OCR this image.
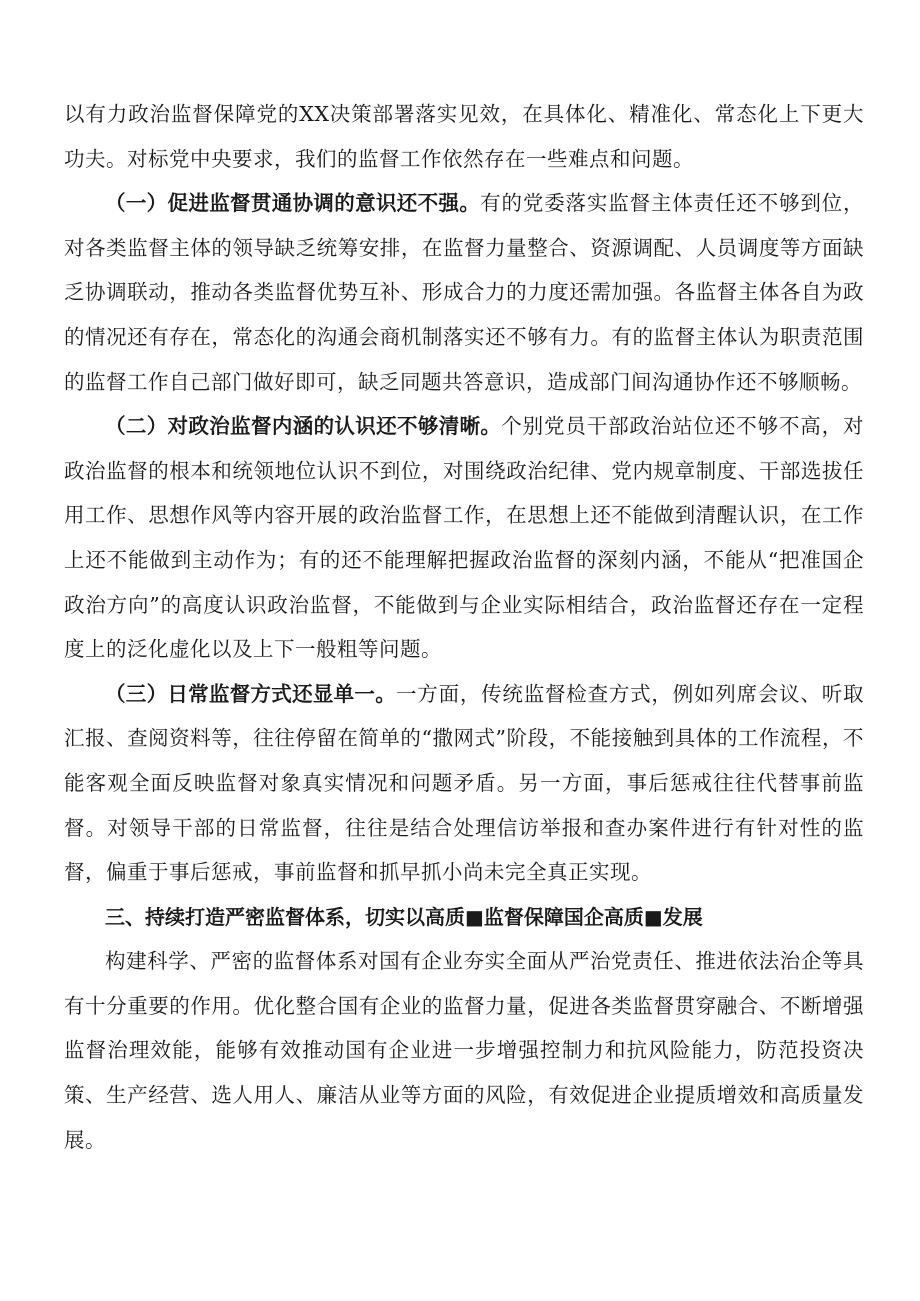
以有力政治监督保障党的XX决策部署落实见效，在具体化、精准化、常态化上下更大功夫。对标党中央要求，我们的监督工作依然存在一些难点和问题。

（一）促进监督贯通协调的意识还不强。有的党委落实监督主体责任还不够到位，对各类监督主体的领导缺乏统筹安排，在监督力量整合、资源调配、人员调度等方面缺乏协调联动，推动各类监督优势互补、形成合力的力度还需加强。各监督主体各自为政的情况还有存在，常态化的沟通会商机制落实还不够有力。有的监督主体认为职责范围的监督工作自己部门做好即可，缺乏同题共答意识，造成部门间沟通协作还不够顺畅。

（二）对政治监督内涵的认识还不够清晰。个别党员干部政治站位还不够不高，对政治监督的根本和统领地位认识不到位，对围绕政治纪律、党内规章制度、干部选拔任用工作、思想作风等内容开展的政治监督工作，在思想上还不能做到清醒认识，在工作上还不能做到主动作为；有的还不能理解把握政治监督的深刻内涵，不能从“把准国企政治方向”的高度认识政治监督，不能做到与企业实际相结合，政治监督还存在一定程度上的泛化虚化以及上下一般粗等问题。

（三）日常监督方式还显单一。一方面，传统监督检查方式，例如列席会议、听取汇报、查阅资料等，往往停留在简单的“撒网式”阶段，不能接触到具体的工作流程，不能客观全面反映监督对象真实情况和问题矛盾。另一方面，事后惩戒往往代替事前监督。对领导干部的日常监督，往往是结合处理信访举报和查办案件进行有针对性的监督，偏重于事后惩戒，事前监督和抓早抓小尚未完全真正实现。

三、持续打造严密监督体系，切实以高质■监督保障国企高质■发展

构建科学、严密的监督体系对国有企业夯实全面从严治党责任、推进依法治企等具有十分重要的作用。优化整合国有企业的监督力量，促进各类监督贯穿融合、不断增强监督治理效能，能够有效推动国有企业进一步增强控制力和抗风险能力，防范投资决策、生产经营、选人用人、廉洁从业等方面的风险，有效促进企业提质增效和高质量发展。
